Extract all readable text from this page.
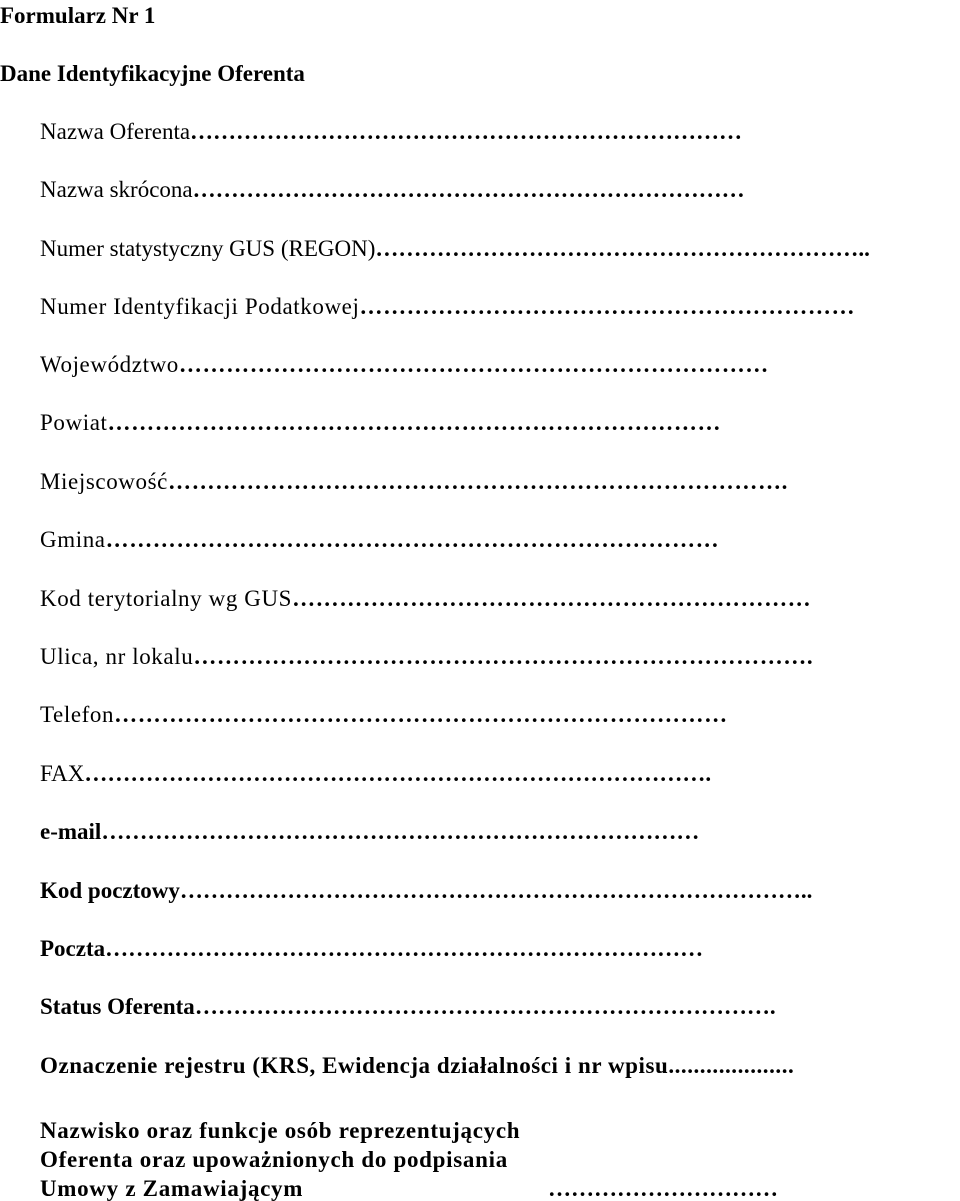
Formularz Nr 1
Dane Identyfikacyjne Oferenta
Nazwa Oferenta………………………………………………………………
Nazwa skrócona………………………………………………………………
Numer statystyczny GUS (REGON)………………………………………………………..
Numer Identyfikacji Podatkowej………………………………………………………
Województwo…………………………………………………………………
Powiat……………………………………………………………………
Miejscowość…………………………………………………………………….
Gmina……………………………………………………………………
Kod terytorialny wg GUS…………………………………………………………
Ulica, nr lokalu…………………………………………………………………….
Telefon……………………………………………………………………
FAX……………………………………………………………………….
e-mail……………………………………………………………………
Kod pocztowy………………………………………………………………………..
Poczta……………………………………………………………………
Status Oferenta………………………………………………………………….
Oznaczenie rejestru (KRS, Ewidencja działalności i nr wpisu....................
Nazwisko oraz funkcje osób reprezentujących
Oferenta oraz upoważnionych do podpisania
Umowy z Zamawiającym	…………………………
